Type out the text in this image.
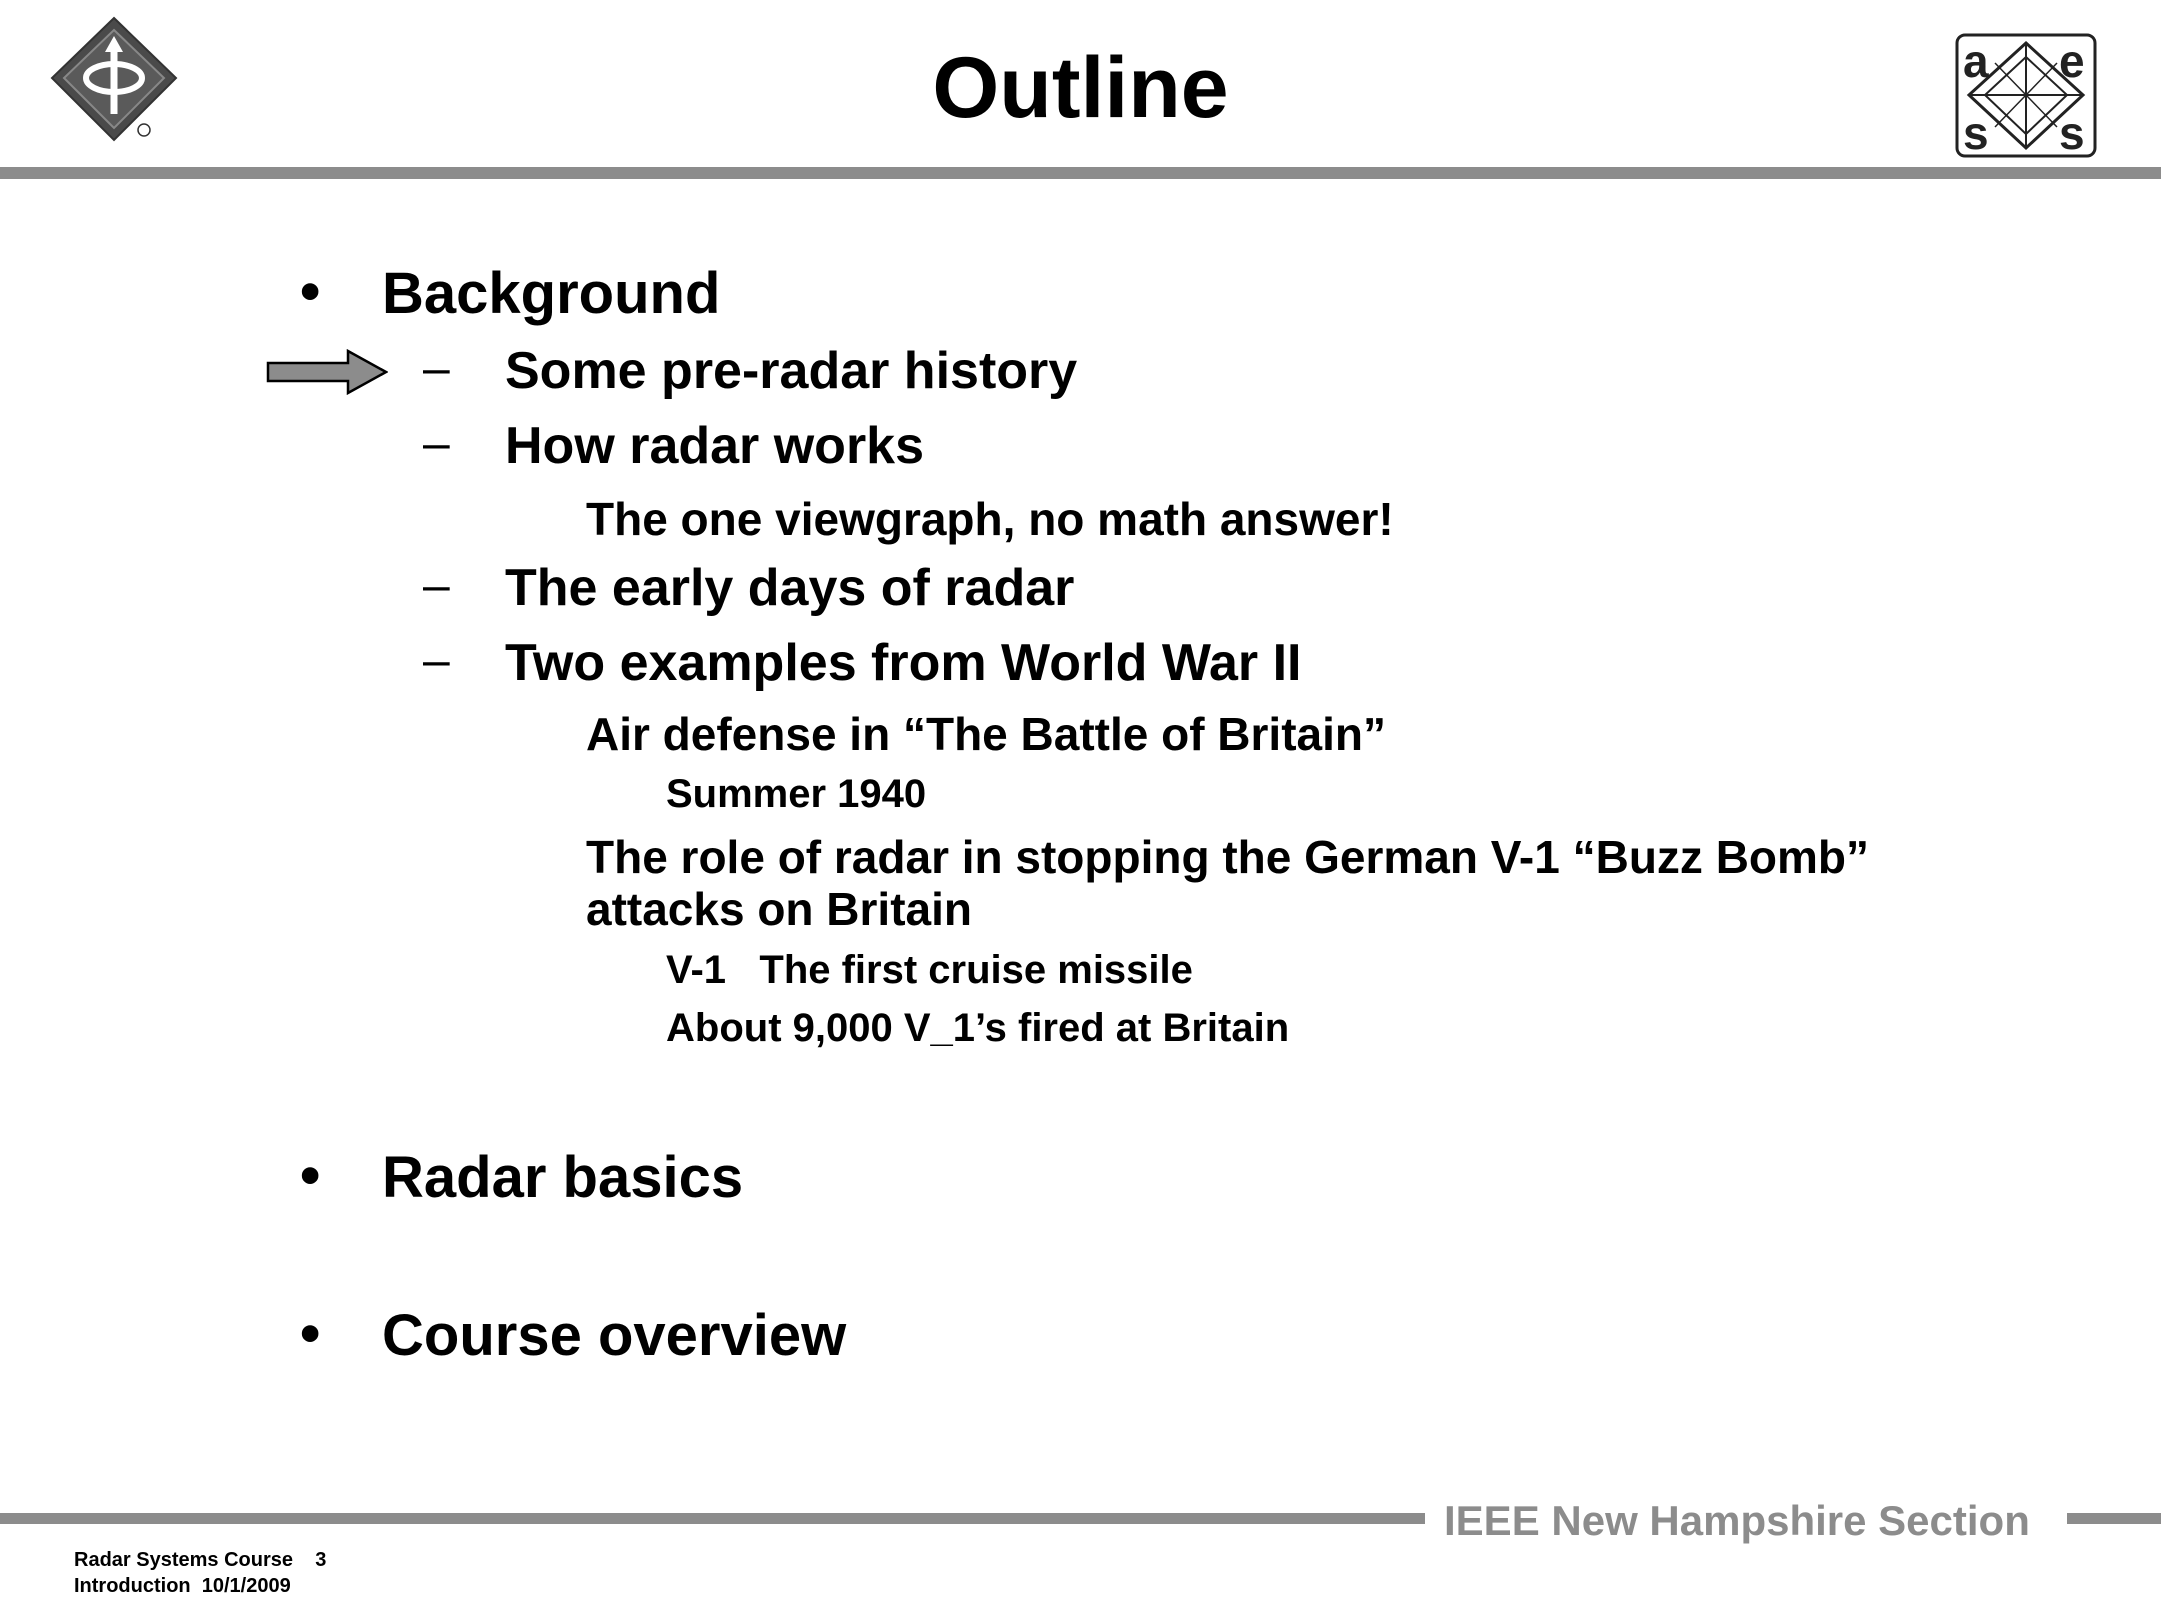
Outline	a e
s s
• Background
– Some pre-radar history
– How radar works
The one viewgraph, no math answer!
– The early days of radar
– Two examples from World War II
Air defense in “The Battle of Britain”
Summer 1940
The role of radar in stopping the German V-1 “Buzz Bomb” attacks on Britain
V-1   The first cruise missile
About 9,000 V_1’s fired at Britain
• Radar basics
• Course overview
IEEE New Hampshire Section
Radar Systems Course    3
Introduction  10/1/2009
